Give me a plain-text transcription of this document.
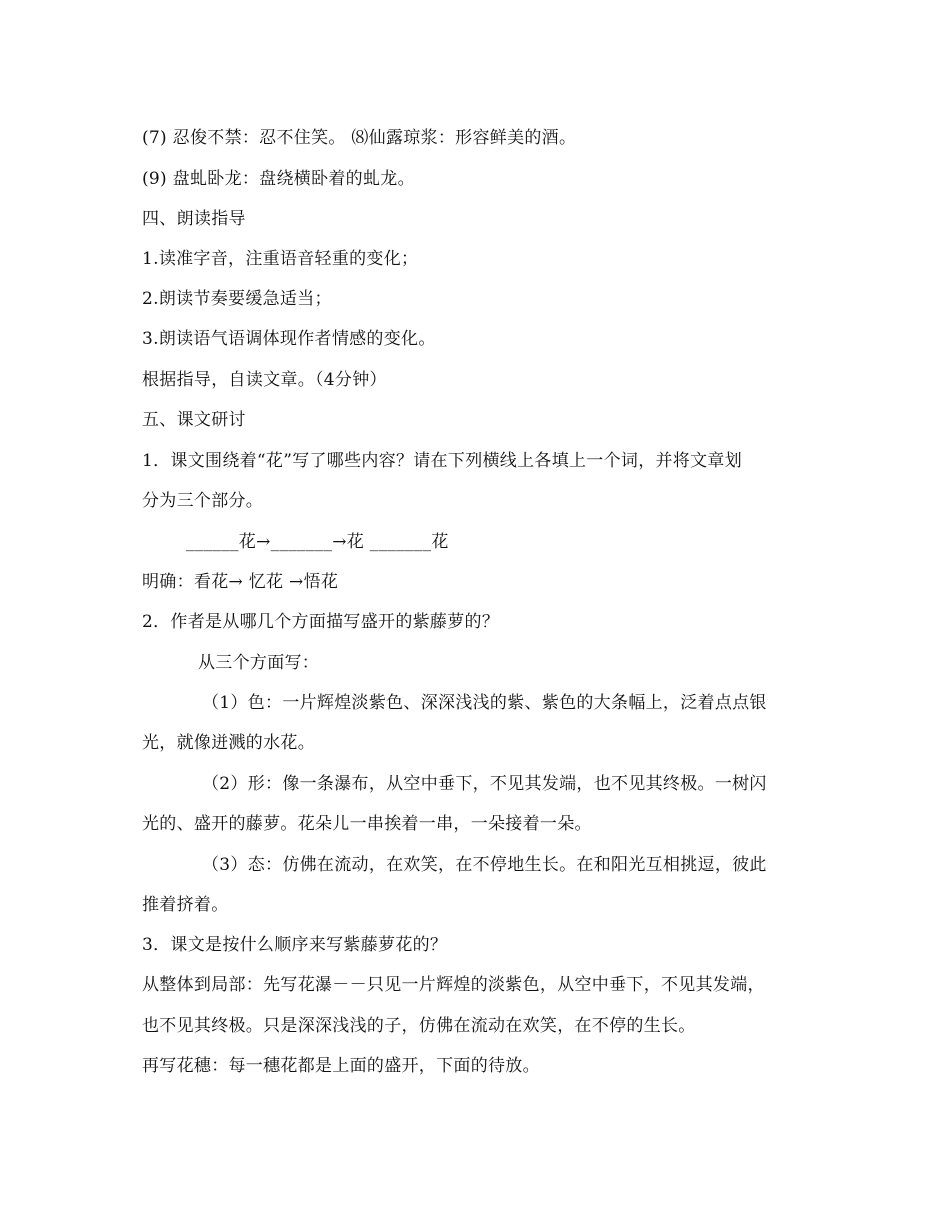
(7) 忍俊不禁：忍不住笑。 ⑻仙露琼浆：形容鲜美的酒。
(9) 盘虬卧龙：盘绕横卧着的虬龙。
四、朗读指导
1.读准字音，注重语音轻重的变化；
2.朗读节奏要缓急适当；
3.朗读语气语调体现作者情感的变化。
根据指导，自读文章。（4分钟）
五、课文研讨
1．课文围绕着“花”写了哪些内容？请在下列横线上各填上一个词，并将文章划
分为三个部分。
______花→_______→花 _______花
明确：看花→ 忆花 →悟花
2．作者是从哪几个方面描写盛开的紫藤萝的？
从三个方面写：
（1）色：一片辉煌淡紫色、深深浅浅的紫、紫色的大条幅上，泛着点点银
光，就像迸溅的水花。
（2）形：像一条瀑布，从空中垂下，不见其发端，也不见其终极。一树闪
光的、盛开的藤萝。花朵儿一串挨着一串，一朵接着一朵。
（3）态：仿佛在流动，在欢笑，在不停地生长。在和阳光互相挑逗，彼此
推着挤着。
3．课文是按什么顺序来写紫藤萝花的？
从整体到局部：先写花瀑－－只见一片辉煌的淡紫色，从空中垂下，不见其发端，
也不见其终极。只是深深浅浅的子，仿佛在流动在欢笑，在不停的生长。
再写花穗：每一穗花都是上面的盛开，下面的待放。
